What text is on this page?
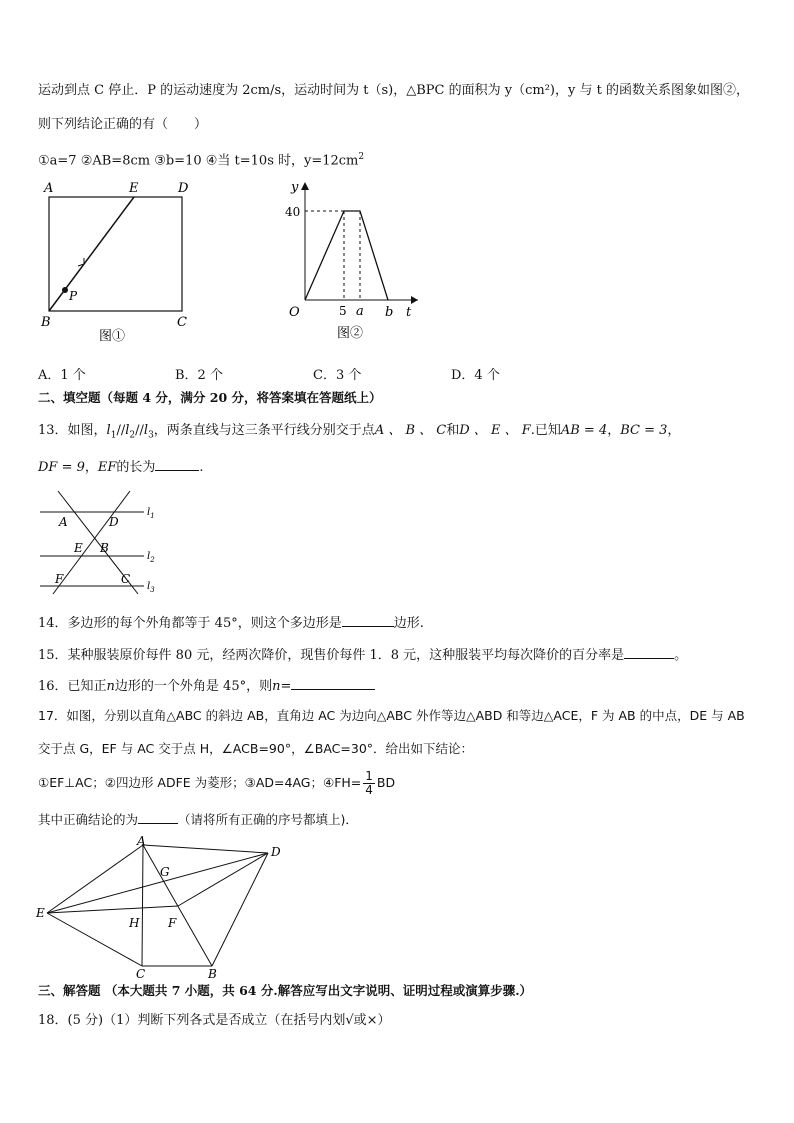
运动到点 C 停止．P 的运动速度为 2cm/s，运动时间为 t（s)，△BPC 的面积为 y（cm²)，y 与 t 的函数关系图象如图②，
则下列结论正确的有（　　）
①a=7 ②AB=8cm ③b=10 ④当 t=10s 时，$y=12cm^2$
A	E	D
P
B	C
图①
y
40
O	5 a b t
图②
A．1 个	B．2 个	C．3 个	D．4 个
二、填空题（每题 4 分，满分 20 分，将答案填在答题纸上）
13．如图，$l_1//l_2//l_3$，两条直线与这三条平行线分别交于点A 、 B 、 C和D 、 E 、 F.已知AB = 4，BC = 3，
DF = 9，EF的长为	.
A	D
E B
F	C
$l_1$
$l_2$
$l_3$
14．多边形的每个外角都等于 45°，则这个多边形是	边形.
15．某种服装原价每件 80 元，经两次降价，现售价每件 1．8 元，这种服装平均每次降价的百分率是	。
16．已知正n边形的一个外角是 45°，则n=
17．如图，分别以直角△ABC 的斜边 AB，直角边 AC 为边向△ABC 外作等边△ABD 和等边△ACE，F 为 AB 的中点，DE 与 AB
交于点 G，EF 与 AC 交于点 H，∠ACB=90°，∠BAC=30°．给出如下结论：
①EF⊥AC；②四边形 ADFE 为菱形；③AD=4AG；④FH= $\frac{1}{4}$ BD
其中正确结论的为	（请将所有正确的序号都填上)．
A
D
G
E
H F
C	B
三、解答题 （本大题共 7 小题，共 64 分.解答应写出文字说明、证明过程或演算步骤.）
18．(5 分)（1）判断下列各式是否成立（在括号内划√或×）
